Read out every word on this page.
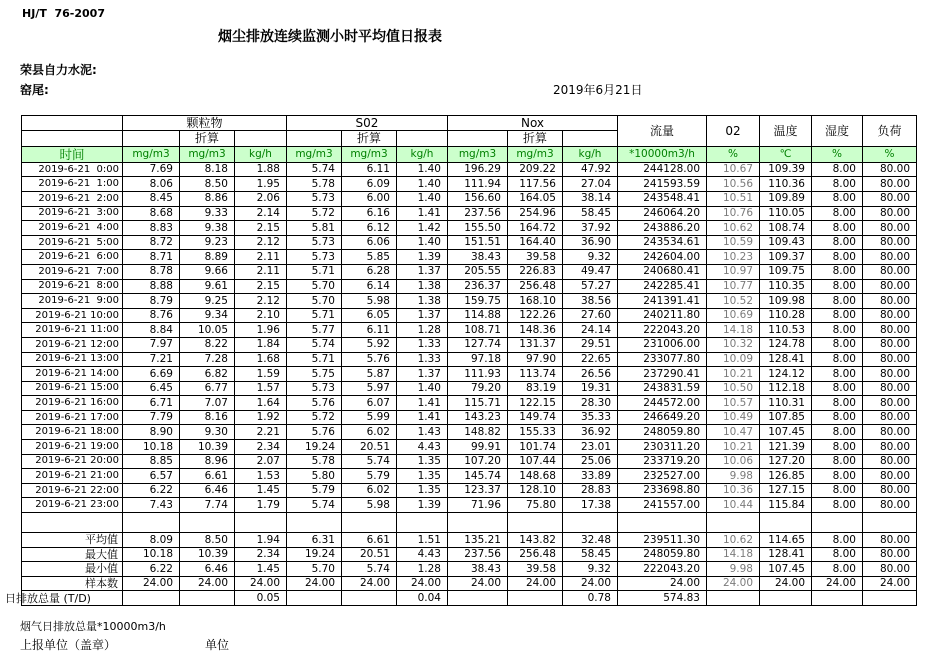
HJ/T  76-2007
烟尘排放连续监测小时平均值日报表
荣县自力水泥:
窑尾:	2019年6月21日
	颗粒物			S02			Nox			流量	02	温度	湿度	负荷
		折算			折算			折算						
时间	mg/m3	mg/m3	kg/h	mg/m3	mg/m3	kg/h	mg/m3	mg/m3	kg/h	*10000m3/h	%	℃	%	%
2019-6-21  0:00	7.69	8.18	1.88	5.74	6.11	1.40	196.29	209.22	47.92	244128.00	10.67	109.39	8.00	80.00
2019-6-21  1:00	8.06	8.50	1.95	5.78	6.09	1.40	111.94	117.56	27.04	241593.59	10.56	110.36	8.00	80.00
2019-6-21  2:00	8.45	8.86	2.06	5.73	6.00	1.40	156.60	164.05	38.14	243548.41	10.51	109.89	8.00	80.00
2019-6-21  3:00	8.68	9.33	2.14	5.72	6.16	1.41	237.56	254.96	58.45	246064.20	10.76	110.05	8.00	80.00
2019-6-21  4:00	8.83	9.38	2.15	5.81	6.12	1.42	155.50	164.72	37.92	243886.20	10.62	108.74	8.00	80.00
2019-6-21  5:00	8.72	9.23	2.12	5.73	6.06	1.40	151.51	164.40	36.90	243534.61	10.59	109.43	8.00	80.00
2019-6-21  6:00	8.71	8.89	2.11	5.73	5.85	1.39	38.43	39.58	9.32	242604.00	10.23	109.37	8.00	80.00
2019-6-21  7:00	8.78	9.66	2.11	5.71	6.28	1.37	205.55	226.83	49.47	240680.41	10.97	109.75	8.00	80.00
2019-6-21  8:00	8.88	9.61	2.15	5.70	6.14	1.38	236.37	256.48	57.27	242285.41	10.77	110.35	8.00	80.00
2019-6-21  9:00	8.79	9.25	2.12	5.70	5.98	1.38	159.75	168.10	38.56	241391.41	10.52	109.98	8.00	80.00
2019-6-21 10:00	8.76	9.34	2.10	5.71	6.05	1.37	114.88	122.26	27.60	240211.80	10.69	110.28	8.00	80.00
2019-6-21 11:00	8.84	10.05	1.96	5.77	6.11	1.28	108.71	148.36	24.14	222043.20	14.18	110.53	8.00	80.00
2019-6-21 12:00	7.97	8.22	1.84	5.74	5.92	1.33	127.74	131.37	29.51	231006.00	10.32	124.78	8.00	80.00
2019-6-21 13:00	7.21	7.28	1.68	5.71	5.76	1.33	97.18	97.90	22.65	233077.80	10.09	128.41	8.00	80.00
2019-6-21 14:00	6.69	6.82	1.59	5.75	5.87	1.37	111.93	113.74	26.56	237290.41	10.21	124.12	8.00	80.00
2019-6-21 15:00	6.45	6.77	1.57	5.73	5.97	1.40	79.20	83.19	19.31	243831.59	10.50	112.18	8.00	80.00
2019-6-21 16:00	6.71	7.07	1.64	5.76	6.07	1.41	115.71	122.15	28.30	244572.00	10.57	110.31	8.00	80.00
2019-6-21 17:00	7.79	8.16	1.92	5.72	5.99	1.41	143.23	149.74	35.33	246649.20	10.49	107.85	8.00	80.00
2019-6-21 18:00	8.90	9.30	2.21	5.76	6.02	1.43	148.82	155.33	36.92	248059.80	10.47	107.45	8.00	80.00
2019-6-21 19:00	10.18	10.39	2.34	19.24	20.51	4.43	99.91	101.74	23.01	230311.20	10.21	121.39	8.00	80.00
2019-6-21 20:00	8.85	8.96	2.07	5.78	5.74	1.35	107.20	107.44	25.06	233719.20	10.06	127.20	8.00	80.00
2019-6-21 21:00	6.57	6.61	1.53	5.80	5.79	1.35	145.74	148.68	33.89	232527.00	9.98	126.85	8.00	80.00
2019-6-21 22:00	6.22	6.46	1.45	5.79	6.02	1.35	123.37	128.10	28.83	233698.80	10.36	127.15	8.00	80.00
2019-6-21 23:00	7.43	7.74	1.79	5.74	5.98	1.39	71.96	75.80	17.38	241557.00	10.44	115.84	8.00	80.00

平均值	8.09	8.50	1.94	6.31	6.61	1.51	135.21	143.82	32.48	239511.30	10.62	114.65	8.00	80.00
最大值	10.18	10.39	2.34	19.24	20.51	4.43	237.56	256.48	58.45	248059.80	14.18	128.41	8.00	80.00
最小值	6.22	6.46	1.45	5.70	5.74	1.28	38.43	39.58	9.32	222043.20	9.98	107.45	8.00	80.00
样本数	24.00	24.00	24.00	24.00	24.00	24.00	24.00	24.00	24.00	24.00	24.00	24.00	24.00	24.00
日排放总量 (T/D)			0.05			0.04			0.78	574.83				
烟气日排放总量*10000m3/h
上报单位（盖章）	单位
